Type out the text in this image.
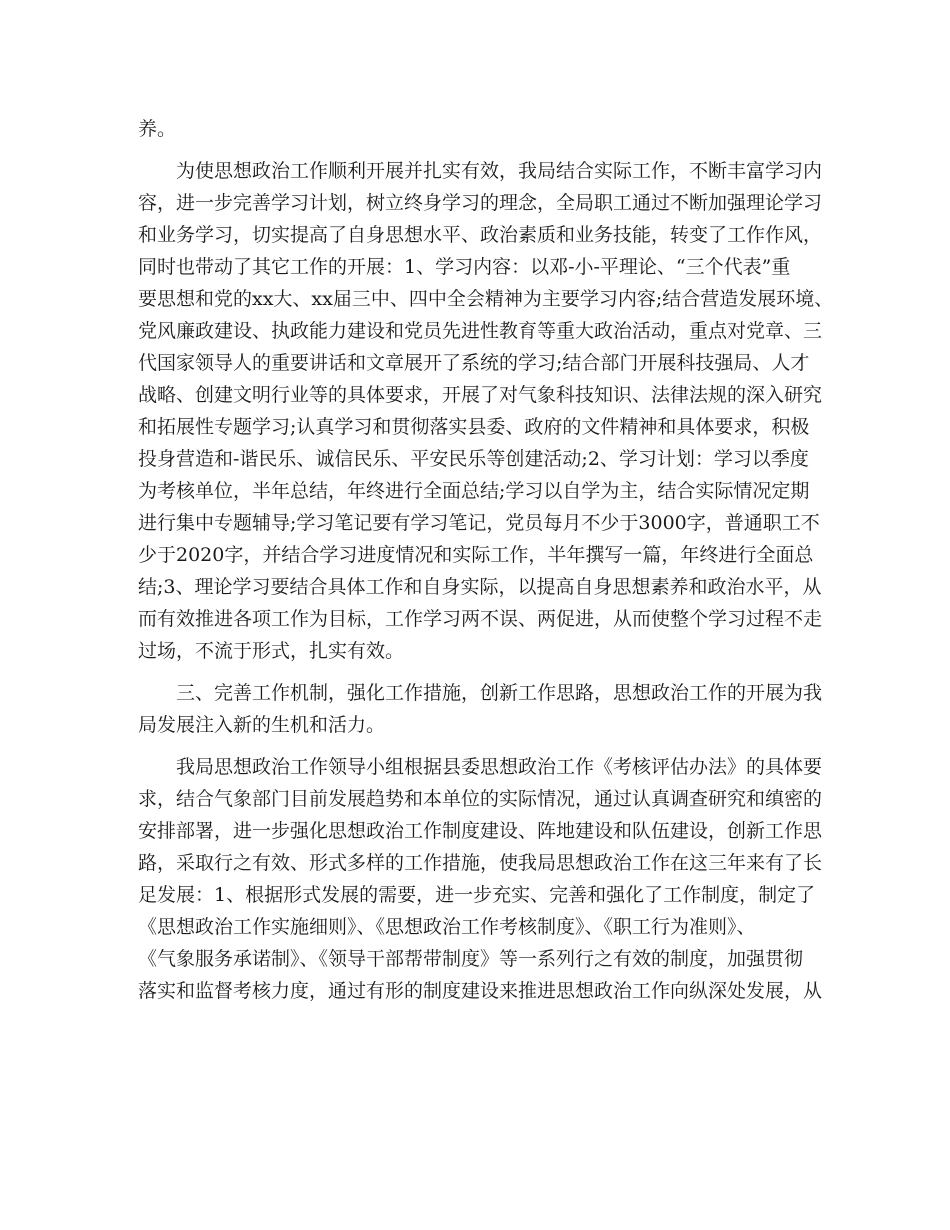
养。
为使思想政治工作顺利开展并扎实有效，我局结合实际工作，不断丰富学习内
容，进一步完善学习计划，树立终身学习的理念，全局职工通过不断加强理论学习
和业务学习，切实提高了自身思想水平、政治素质和业务技能，转变了工作作风，
同时也带动了其它工作的开展：1、学习内容：以邓-小-平理论、“三个代表”重
要思想和党的xx大、xx届三中、四中全会精神为主要学习内容;结合营造发展环境、
党风廉政建设、执政能力建设和党员先进性教育等重大政治活动，重点对党章、三
代国家领导人的重要讲话和文章展开了系统的学习;结合部门开展科技强局、人才
战略、创建文明行业等的具体要求，开展了对气象科技知识、法律法规的深入研究
和拓展性专题学习;认真学习和贯彻落实县委、政府的文件精神和具体要求，积极
投身营造和-谐民乐、诚信民乐、平安民乐等创建活动;2、学习计划：学习以季度
为考核单位，半年总结，年终进行全面总结;学习以自学为主，结合实际情况定期
进行集中专题辅导;学习笔记要有学习笔记，党员每月不少于3000字，普通职工不
少于2020字，并结合学习进度情况和实际工作，半年撰写一篇，年终进行全面总
结;3、理论学习要结合具体工作和自身实际，以提高自身思想素养和政治水平，从
而有效推进各项工作为目标，工作学习两不误、两促进，从而使整个学习过程不走
过场，不流于形式，扎实有效。
三、完善工作机制，强化工作措施，创新工作思路，思想政治工作的开展为我
局发展注入新的生机和活力。
我局思想政治工作领导小组根据县委思想政治工作《考核评估办法》的具体要
求，结合气象部门目前发展趋势和本单位的实际情况，通过认真调查研究和缜密的
安排部署，进一步强化思想政治工作制度建设、阵地建设和队伍建设，创新工作思
路，采取行之有效、形式多样的工作措施，使我局思想政治工作在这三年来有了长
足发展：1、根据形式发展的需要，进一步充实、完善和强化了工作制度，制定了
《思想政治工作实施细则》、《思想政治工作考核制度》、《职工行为准则》、
《气象服务承诺制》、《领导干部帮带制度》等一系列行之有效的制度，加强贯彻
落实和监督考核力度，通过有形的制度建设来推进思想政治工作向纵深处发展，从
